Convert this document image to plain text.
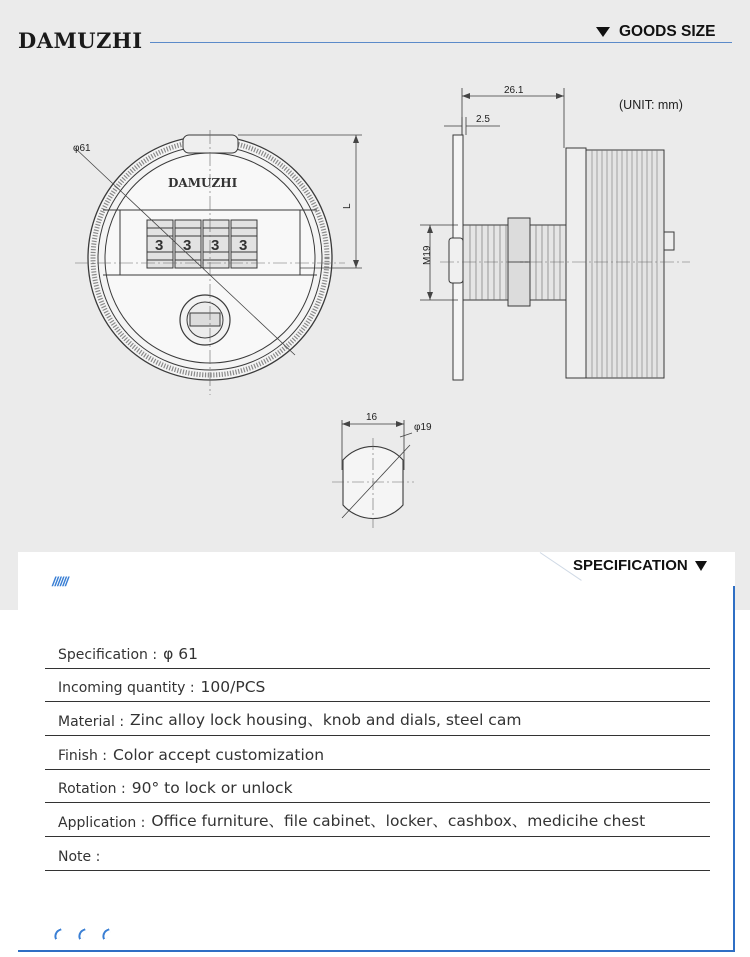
DAMUZHI	GOODS SIZE
(UNIT: mm)
φ61
DAMUZHI
3 3 3 3
L
26.1
2.5
M19
16
φ19
SPECIFICATION
//////
Specification : φ 61
Incoming quantity : 100/PCS
Material : Zinc alloy lock housing、knob and dials, steel cam
Finish : Color accept customization
Rotation : 90° to lock or unlock
Application : Office furniture、file cabinet、locker、cashbox、medicihe chest
Note :
